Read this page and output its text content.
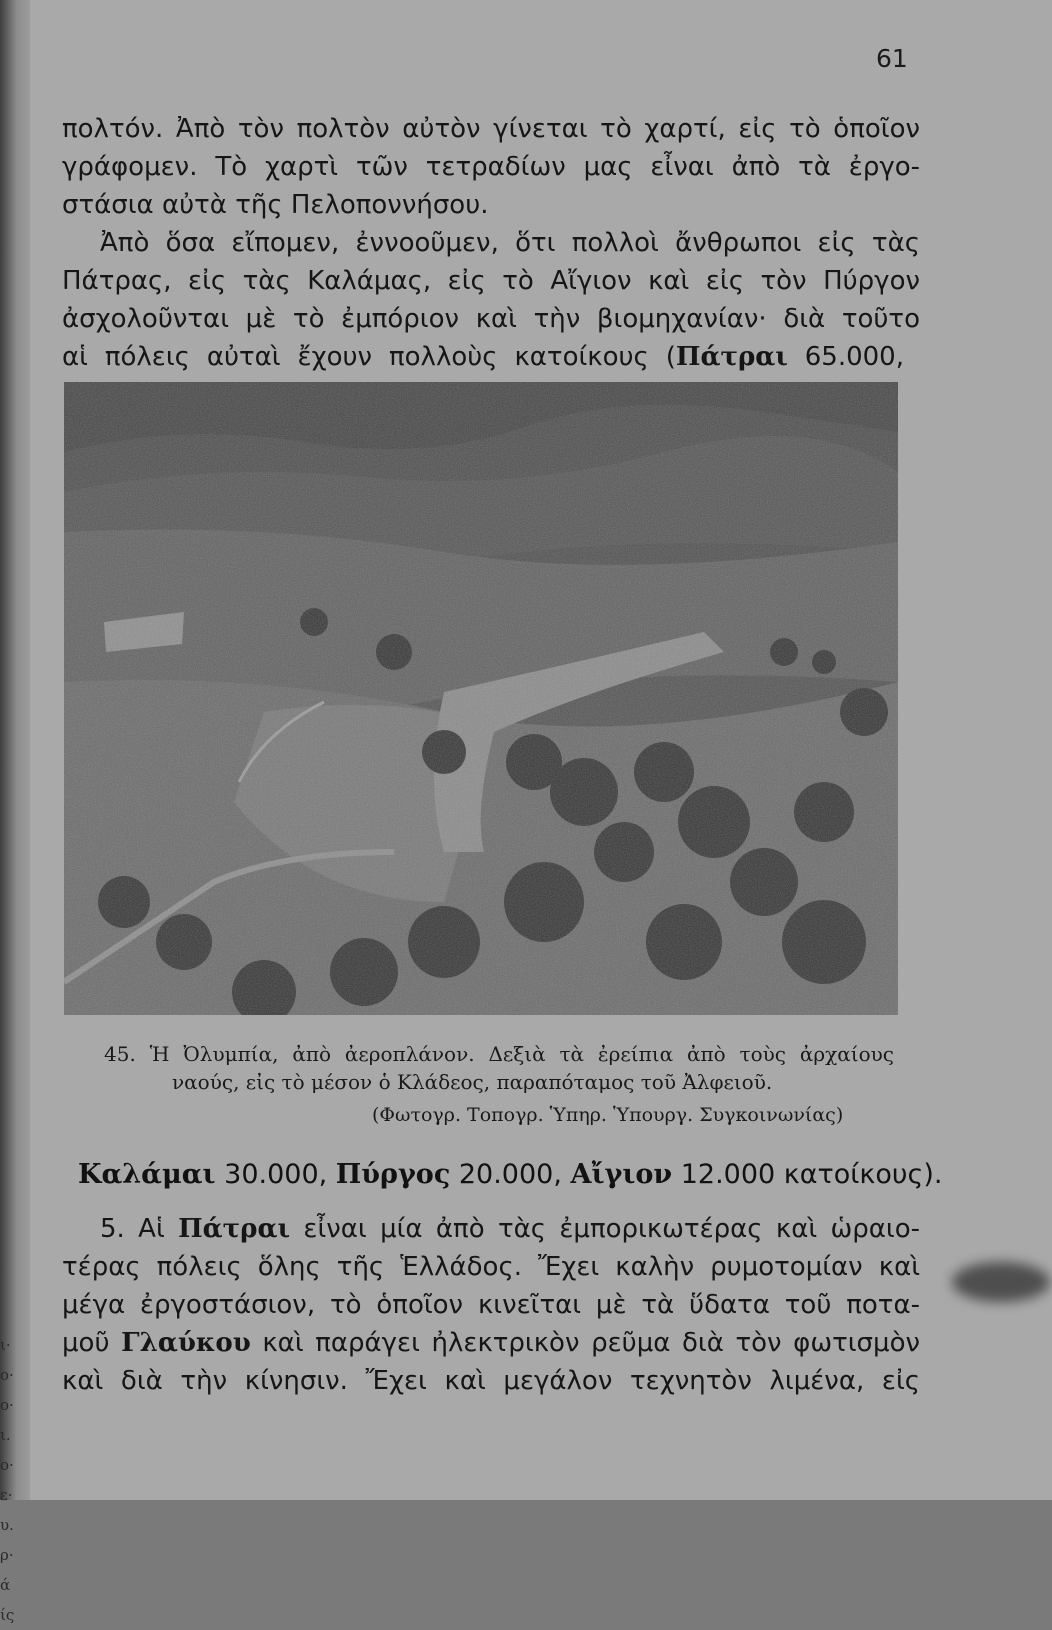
ι·
ο·
ο·
ι.
ο·
ε·
υ.
ρ·
ά
ίς
61
πολτόν. Ἀπὸ τὸν πολτὸν αὐτὸν γίνεται τὸ χαρτί, εἰς τὸ ὁποῖον
γράφομεν. Τὸ χαρτὶ τῶν τετραδίων μας εἶναι ἀπὸ τὰ ἐργο-
στάσια αὐτὰ τῆς Πελοποννήσου.
Ἀπὸ ὅσα εἴπομεν, ἐννοοῦμεν, ὅτι πολλοὶ ἄνθρωποι εἰς τὰς
Πάτρας, εἰς τὰς Καλάμας, εἰς τὸ Αἴγιον καὶ εἰς τὸν Πύργον
ἀσχολοῦνται μὲ τὸ ἐμπόριον καὶ τὴν βιομηχανίαν· διὰ τοῦτο
αἱ πόλεις αὐταὶ ἔχουν πολλοὺς κατοίκους (Πάτραι 65.000,
45. Ἡ Ὀλυμπία, ἀπὸ ἀεροπλάνον. Δεξιὰ τὰ ἐρείπια ἀπὸ τοὺς ἀρχαίους
ναούς, εἰς τὸ μέσον ὁ Κλάδεος, παραπόταμος τοῦ Ἀλφειοῦ.
(Φωτογρ. Τοπογρ. Ὑπηρ. Ὑπουργ. Συγκοινωνίας)
Καλάμαι 30.000, Πύργος 20.000, Αἴγιον 12.000 κατοίκους).
5. Αἱ Πάτραι εἶναι μία ἀπὸ τὰς ἐμπορικωτέρας καὶ ὡραιο-
τέρας πόλεις ὅλης τῆς Ἑλλάδος. Ἔχει καλὴν ρυμοτομίαν καὶ
μέγα ἐργοστάσιον, τὸ ὁποῖον κινεῖται μὲ τὰ ὕδατα τοῦ ποτα-
μοῦ Γλαύκου καὶ παράγει ἠλεκτρικὸν ρεῦμα διὰ τὸν φωτισμὸν
καὶ διὰ τὴν κίνησιν. Ἔχει καὶ μεγάλον τεχνητὸν λιμένα, εἰς
